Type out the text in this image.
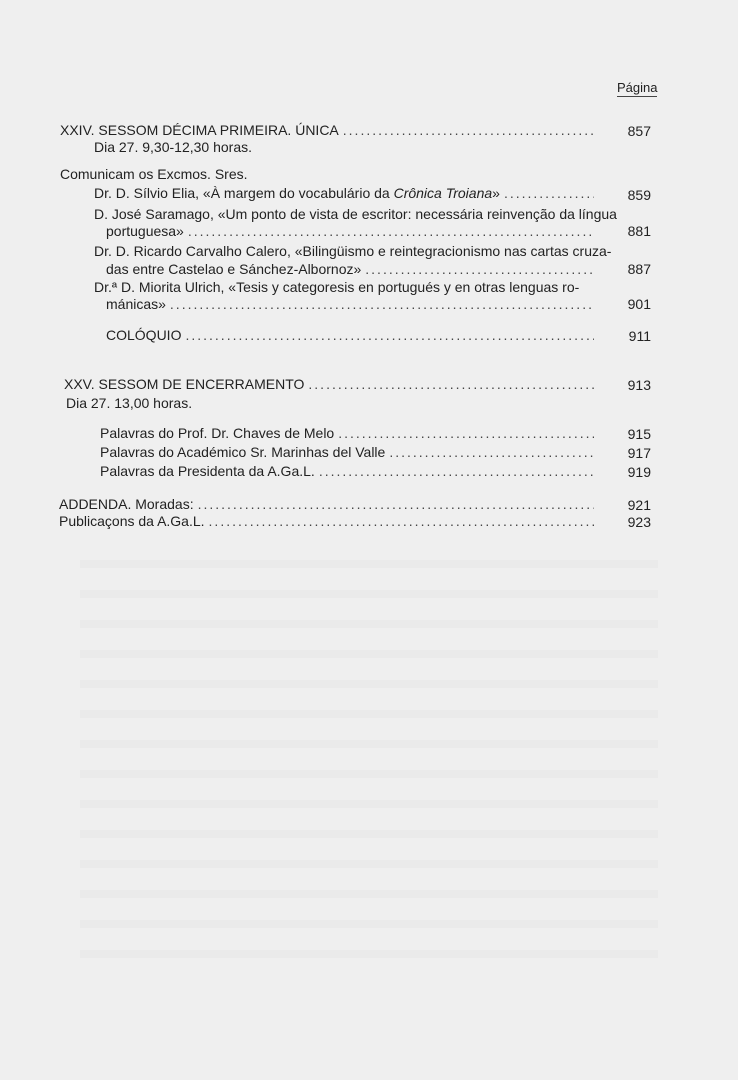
Página
XXIV. SESSOM DÉCIMA PRIMEIRA. ÚNICA .....	857
Dia 27. 9,30-12,30 horas.
Comunicam os Excmos. Sres.
Dr. D. Sílvio Elia, «À margem do vocabulário da Crônica Troiana» .....	859
D. José Saramago, «Um ponto de vista de escritor: necessária reinvenção da língua
portuguesa» .....	881
Dr. D. Ricardo Carvalho Calero, «Bilingüismo e reintegracionismo nas cartas cruza-
das entre Castelao e Sánchez-Albornoz» .....	887
Dr.ª D. Miorita Ulrich, «Tesis y categoresis en portugués y en otras lenguas ro-
mánicas» .....	901
COLÓQUIO .....	911
XXV. SESSOM DE ENCERRAMENTO .....	913
Dia 27. 13,00 horas.
Palavras do Prof. Dr. Chaves de Melo .....	915
Palavras do Académico Sr. Marinhas del Valle .....	917
Palavras da Presidenta da A.Ga.L. .....	919
ADDENDA. Moradas: .....	921
Publicaçons da A.Ga.L. .....	923
